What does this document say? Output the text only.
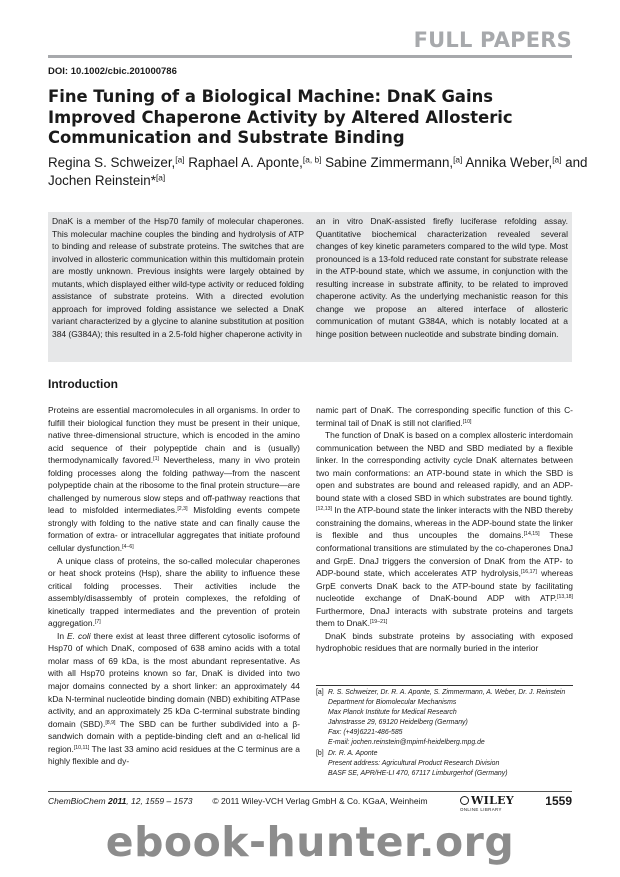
FULL PAPERS
DOI: 10.1002/cbic.201000786
Fine Tuning of a Biological Machine: DnaK Gains Improved Chaperone Activity by Altered Allosteric Communication and Substrate Binding
Regina S. Schweizer,[a] Raphael A. Aponte,[a, b] Sabine Zimmermann,[a] Annika Weber,[a] and Jochen Reinstein*[a]
DnaK is a member of the Hsp70 family of molecular chaperones. This molecular machine couples the binding and hydrolysis of ATP to binding and release of substrate proteins. The switches that are involved in allosteric communication within this multidomain protein are mostly unknown. Previous insights were largely obtained by mutants, which displayed either wild-type activity or reduced folding assistance of substrate proteins. With a directed evolution approach for improved folding assistance we selected a DnaK variant characterized by a glycine to alanine substitution at position 384 (G384A); this resulted in a 2.5-fold higher chaperone activity in
an in vitro DnaK-assisted firefly luciferase refolding assay. Quantitative biochemical characterization revealed several changes of key kinetic parameters compared to the wild type. Most pronounced is a 13-fold reduced rate constant for substrate release in the ATP-bound state, which we assume, in conjunction with the resulting increase in substrate affinity, to be related to improved chaperone activity. As the underlying mechanistic reason for this change we propose an altered interface of allosteric communication of mutant G384A, which is notably located at a hinge position between nucleotide and substrate binding domain.
Introduction

Proteins are essential macromolecules in all organisms. In order to fulfill their biological function they must be present in their unique, native three-dimensional structure, which is encoded in the amino acid sequence of their polypeptide chain and is (usually) thermodynamically favored.[1] Nevertheless, many in vivo protein folding processes along the folding pathway—from the nascent polypeptide chain at the ribosome to the final protein structure—are challenged by numerous slow steps and off-pathway reactions that lead to misfolded intermediates.[2,3] Misfolding events compete strongly with folding to the native state and can finally cause the formation of extra- or intracellular aggregates that initiate profound cellular dysfunction.[4–6]

A unique class of proteins, the so-called molecular chaperones or heat shock proteins (Hsp), share the ability to influence these critical folding processes. Their activities include the assembly/disassembly of protein complexes, the refolding of kinetically trapped intermediates and the prevention of protein aggregation.[7]

In E. coli there exist at least three different cytosolic isoforms of Hsp70 of which DnaK, composed of 638 amino acids with a total molar mass of 69 kDa, is the most abundant representative. As with all Hsp70 proteins known so far, DnaK is divided into two major domains connected by a short linker: an approximately 44 kDa N-terminal nucleotide binding domain (NBD) exhibiting ATPase activity, and an approximately 25 kDa C-terminal substrate binding domain (SBD).[8,9] The SBD can be further subdivided into a β-sandwich domain with a peptide-binding cleft and an α-helical lid region.[10,11] The last 33 amino acid residues at the C terminus are a highly flexible and dy-

namic part of DnaK. The corresponding specific function of this C-terminal tail of DnaK is still not clarified.[10]

The function of DnaK is based on a complex allosteric interdomain communication between the NBD and SBD mediated by a flexible linker. In the corresponding activity cycle DnaK alternates between two main conformations: an ATP-bound state in which the SBD is open and substrates are bound and released rapidly, and an ADP-bound state with a closed SBD in which substrates are bound tightly.[12,13] In the ATP-bound state the linker interacts with the NBD thereby constraining the domains, whereas in the ADP-bound state the linker is flexible and thus uncouples the domains.[14,15] These conformational transitions are stimulated by the co-chaperones DnaJ and GrpE. DnaJ triggers the conversion of DnaK from the ATP- to ADP-bound state, which accelerates ATP hydrolysis,[16,17] whereas GrpE converts DnaK back to the ATP-bound state by facilitating nucleotide exchange of DnaK-bound ADP with ATP.[13,18] Furthermore, DnaJ interacts with substrate proteins and targets them to DnaK.[19–21]

DnaK binds substrate proteins by associating with exposed hydrophobic residues that are normally buried in the interior

[a] R. S. Schweizer, Dr. R. A. Aponte, S. Zimmermann, A. Weber, Dr. J. Reinstein
Department for Biomolecular Mechanisms
Max Planck Institute for Medical Research
Jahnstrasse 29, 69120 Heidelberg (Germany)
Fax: (+49)6221-486-585
E-mail: jochen.reinstein@mpimf-heidelberg.mpg.de
[b] Dr. R. A. Aponte
Present address: Agricultural Product Research Division
BASF SE, APR/HE-LI 470, 67117 Limburgerhof (Germany)
ChemBioChem 2011, 12, 1559 – 1573	© 2011 Wiley-VCH Verlag GmbH & Co. KGaA, Weinheim	WILEY
ONLINE LIBRARY
1559
ebook-hunter.org
